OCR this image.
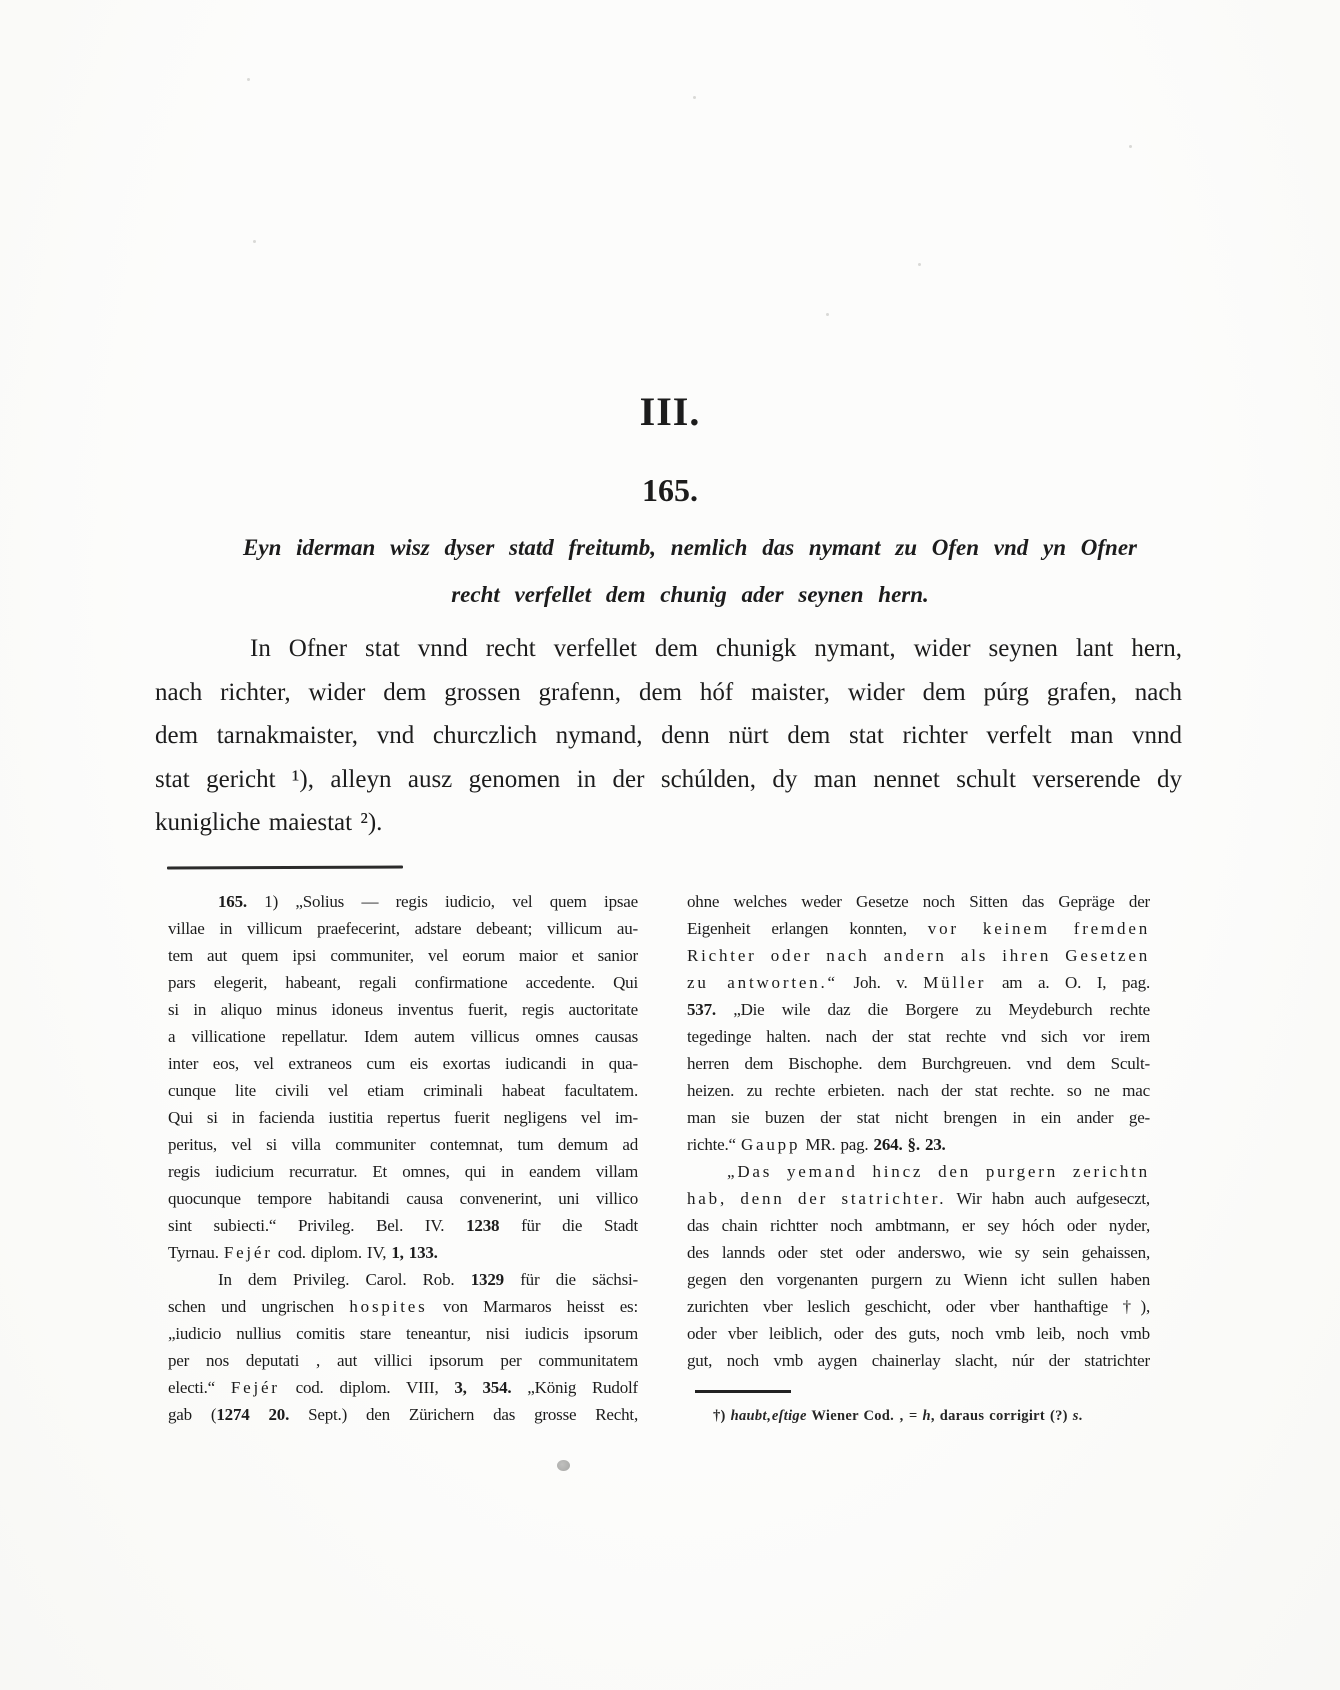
III.
165.
Eyn iderman wisz dyser statd freitumb, nemlich das nymant zu Ofen vnd yn Ofner
recht verfellet dem chunig ader seynen hern.
In Ofner stat vnnd recht verfellet dem chunigk nymant, wider seynen lant hern,
nach richter, wider dem grossen grafenn, dem hóf maister, wider dem púrg grafen, nach
dem tarnakmaister, vnd churczlich nymand, denn nürt dem stat richter verfelt man vnnd
stat gericht ¹), alleyn ausz genomen in der schúlden, dy man nennet schult verserende dy
kunigliche maiestat ²).
165. 1) „Solius — regis iudicio, vel quem ipsae
villae in villicum praefecerint, adstare debeant; villicum au-
tem aut quem ipsi communiter, vel eorum maior et sanior
pars elegerit, habeant, regali confirmatione accedente. Qui
si in aliquo minus idoneus inventus fuerit, regis auctoritate
a villicatione repellatur. Idem autem villicus omnes causas
inter eos, vel extraneos cum eis exortas iudicandi in qua-
cunque lite civili vel etiam criminali habeat facultatem.
Qui si in facienda iustitia repertus fuerit negligens vel im-
peritus, vel si villa communiter contemnat, tum demum ad
regis iudicium recurratur. Et omnes, qui in eandem villam
quocunque tempore habitandi causa convenerint, uni villico
sint subiecti.“ Privileg. Bel. IV. 1238 für die Stadt
Tyrnau. Fejér cod. diplom. IV, 1, 133.
In dem Privileg. Carol. Rob. 1329 für die sächsi-
schen und ungrischen hospites von Marmaros heisst es:
„iudicio nullius comitis stare teneantur, nisi iudicis ipsorum
per nos deputati , aut villici ipsorum per communitatem
electi.“ Fejér cod. diplom. VIII, 3, 354. „König Rudolf
gab (1274 20. Sept.) den Zürichern das grosse Recht,
ohne welches weder Gesetze noch Sitten das Gepräge der
Eigenheit erlangen konnten, vor keinem fremden
Richter oder nach andern als ihren Gesetzen
zu antworten.“ Joh. v. Müller am a. O. I, pag.
537. „Die wile daz die Borgere zu Meydeburch rechte
tegedinge halten. nach der stat rechte vnd sich vor irem
herren dem Bischophe. dem Burchgreuen. vnd dem Scult-
heizen. zu rechte erbieten. nach der stat rechte. so ne mac
man sie buzen der stat nicht brengen in ein ander ge-
richte.“ Gaupp MR. pag. 264. §. 23.
„Das yemand hincz den purgern zerichtn
hab, denn der statrichter. Wir habn auch aufgeseczt,
das chain richtter noch ambtmann, er sey hóch oder nyder,
des lannds oder stet oder anderswo, wie sy sein gehaissen,
gegen den vorgenanten purgern zu Wienn icht sullen haben
zurichten vber leslich geschicht, oder vber hanthaftige †),
oder vber leiblich, oder des guts, noch vmb leib, noch vmb
gut, noch vmb aygen chainerlay slacht, núr der statrichter
†) haubt‚eſtige Wiener Cod. ‚ = h, daraus corrigirt (?) s.
